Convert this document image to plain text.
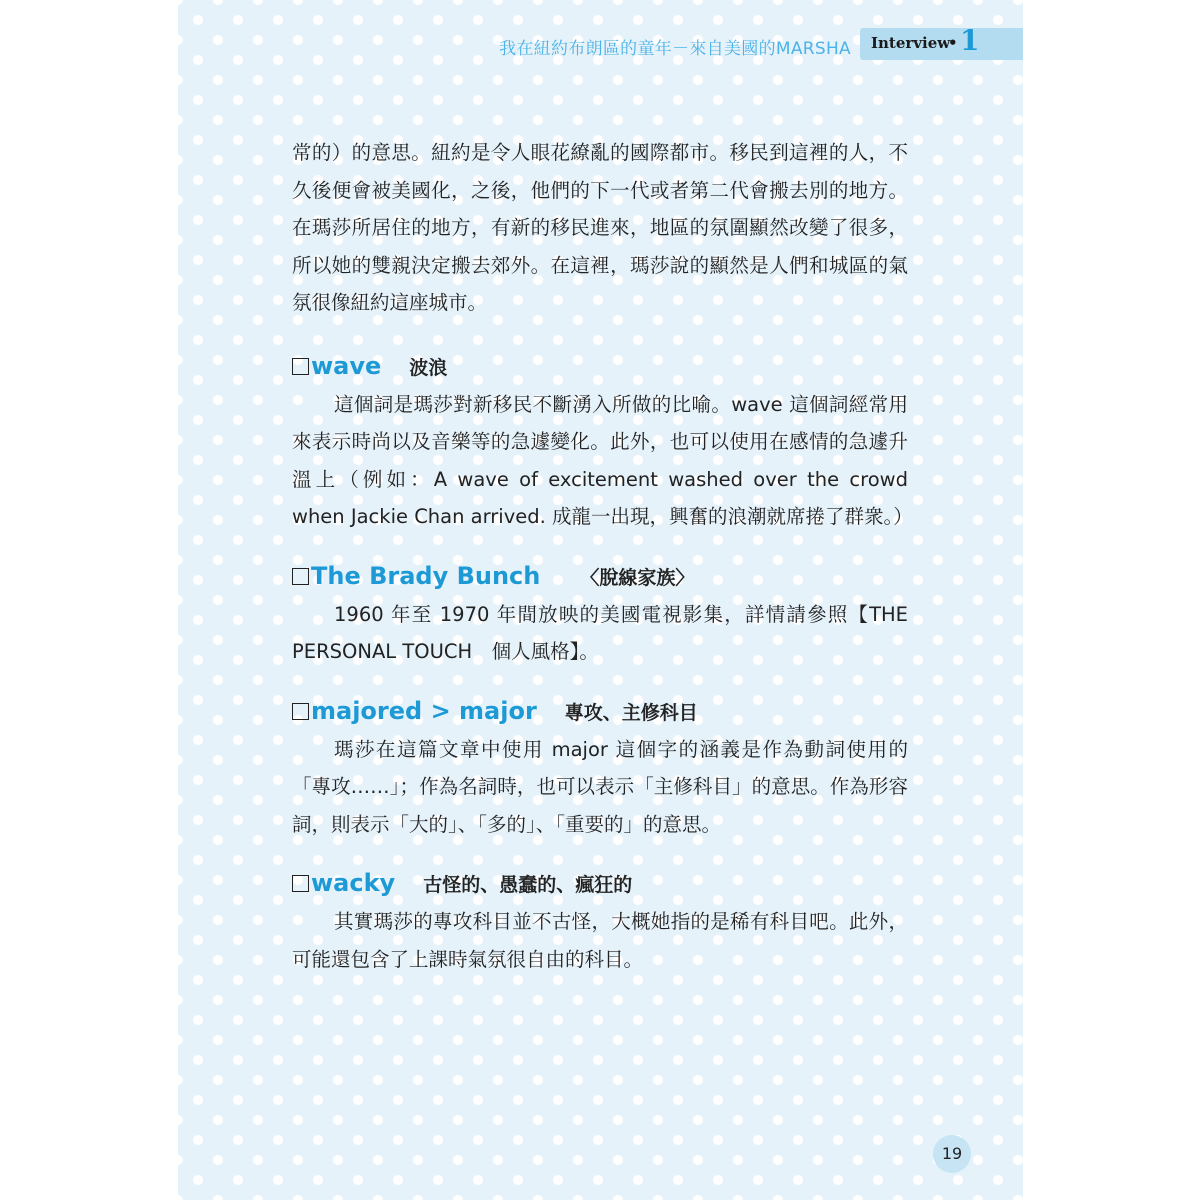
我在紐約布朗區的童年－來自美國的MARSHA Interview
• 1

常的）的意思。紐約是令人眼花繚亂的國際都市。移民到這裡的人，不久後便會被美國化，之後，他們的下一代或者第二代會搬去別的地方。在瑪莎所居住的地方，有新的移民進來，地區的氛圍顯然改變了很多，所以她的雙親決定搬去郊外。在這裡，瑪莎說的顯然是人們和城區的氣氛很像紐約這座城市。

wave 波浪

這個詞是瑪莎對新移民不斷湧入所做的比喻。wave 這個詞經常用來表示時尚以及音樂等的急遽變化。此外，也可以使用在感情的急遽升溫上（例如：A wave of excitement washed over the crowd when Jackie Chan arrived. 成龍一出現，興奮的浪潮就席捲了群衆。）

The Brady Bunch 〈脫線家族〉

1960 年至 1970 年間放映的美國電視影集，詳情請參照【THE PERSONAL TOUCH　個人風格】。

majored > major 專攻、主修科目

瑪莎在這篇文章中使用 major 這個字的涵義是作為動詞使用的「專攻……」；作為名詞時，也可以表示「主修科目」的意思。作為形容詞，則表示「大的」、「多的」、「重要的」的意思。

wacky 古怪的、愚蠢的、瘋狂的

其實瑪莎的專攻科目並不古怪，大概她指的是稀有科目吧。此外，可能還包含了上課時氣氛很自由的科目。

19
